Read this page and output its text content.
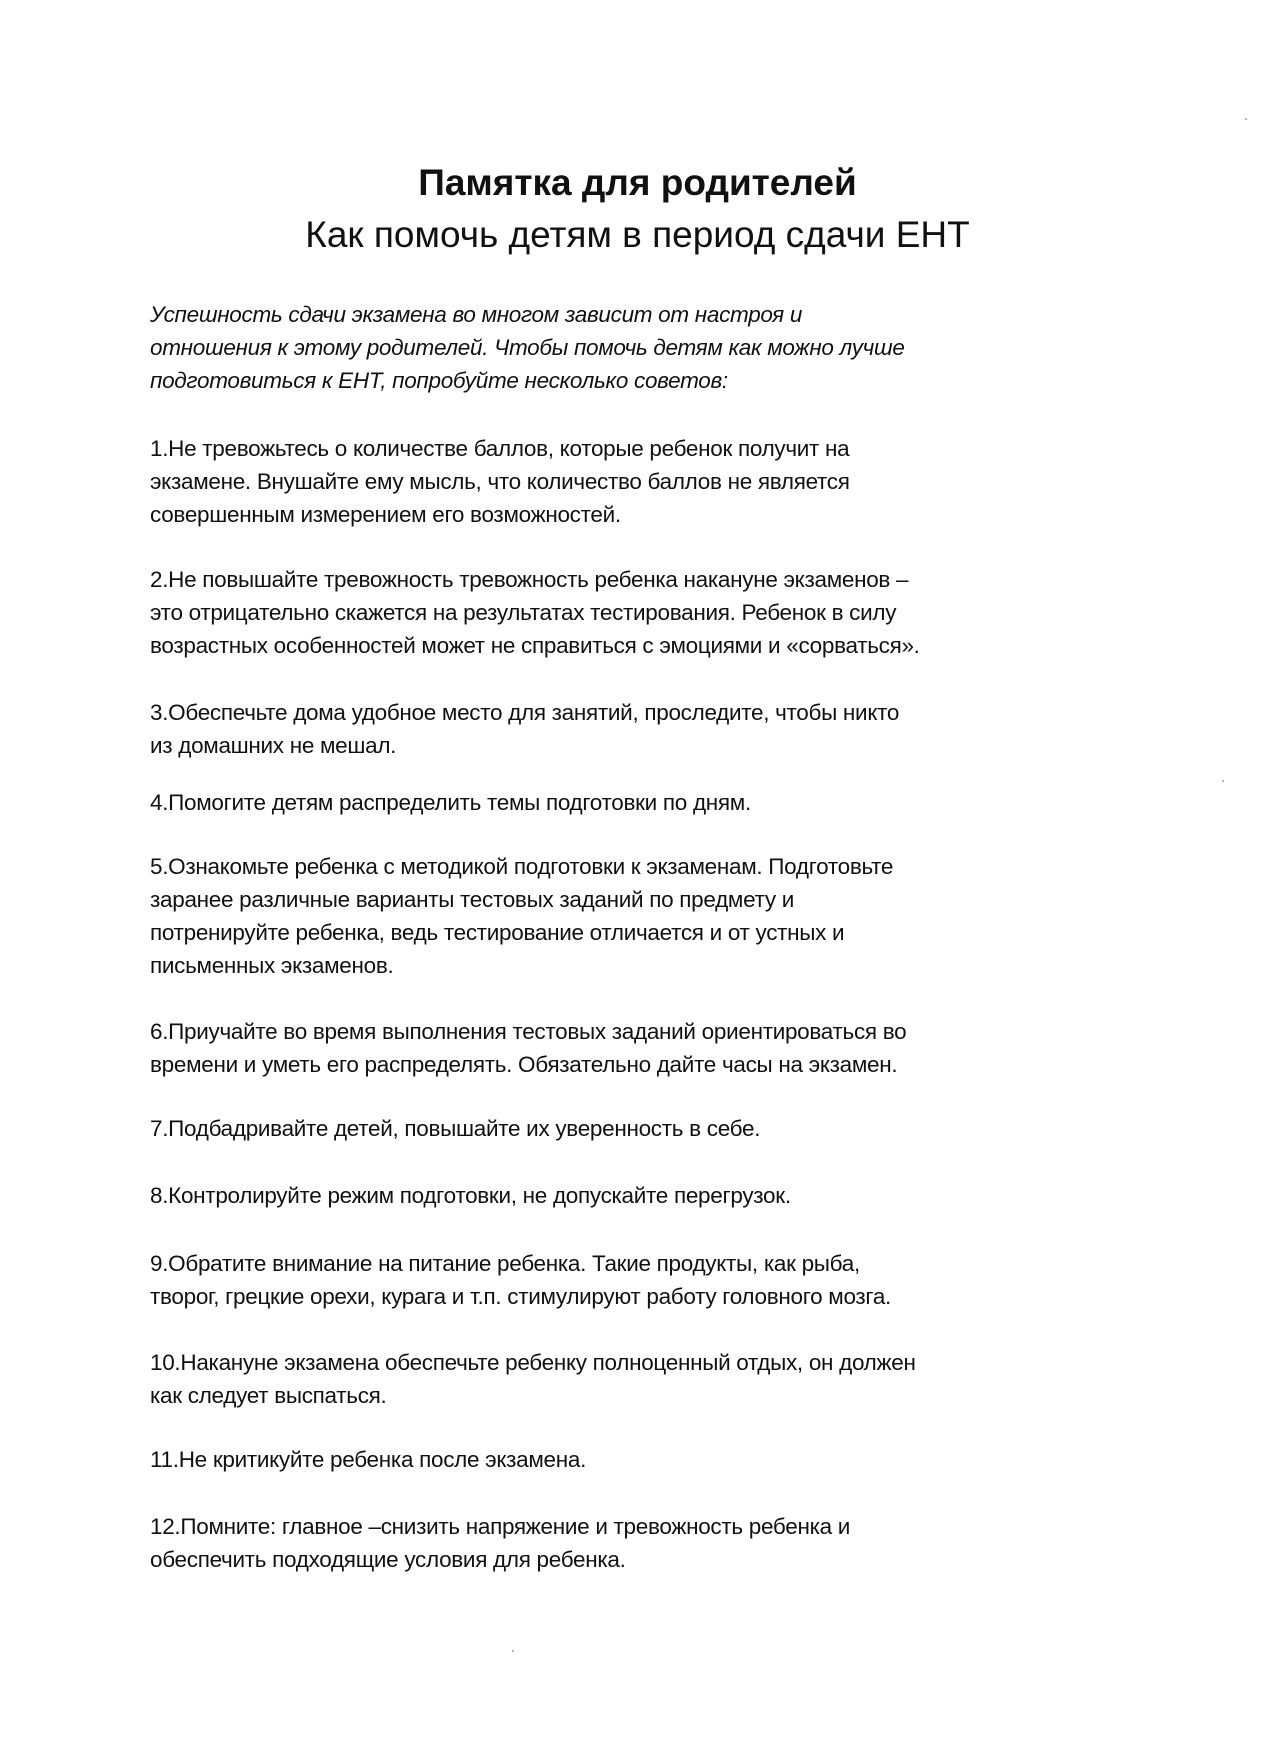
Памятка для родителей
Как помочь детям в период сдачи ЕНТ

Успешность сдачи экзамена во многом зависит от настроя и
отношения к этому родителей. Чтобы помочь детям как можно лучше
подготовиться к ЕНТ, попробуйте несколько советов:

1.Не тревожьтесь о количестве баллов, которые ребенок получит на
экзамене. Внушайте ему мысль, что количество баллов не является
совершенным измерением его возможностей.

2.Не повышайте тревожность тревожность ребенка накануне экзаменов –
это отрицательно скажется на результатах тестирования. Ребенок в силу
возрастных особенностей может не справиться с эмоциями и «сорваться».

3.Обеспечьте дома удобное место для занятий, проследите, чтобы никто
из домашних не мешал.

4.Помогите детям распределить темы подготовки по дням.

5.Ознакомьте ребенка с методикой подготовки к экзаменам. Подготовьте
заранее различные варианты тестовых заданий по предмету и
потренируйте ребенка, ведь тестирование отличается и от устных и
письменных экзаменов.

6.Приучайте во время выполнения тестовых заданий ориентироваться во
времени и уметь его распределять. Обязательно дайте часы на экзамен.

7.Подбадривайте детей, повышайте их уверенность в себе.

8.Контролируйте режим подготовки, не допускайте перегрузок.

9.Обратите внимание на питание ребенка. Такие продукты, как рыба,
творог, грецкие орехи, курага и т.п. стимулируют работу головного мозга.

10.Накануне экзамена обеспечьте ребенку полноценный отдых, он должен
как следует выспаться.

11.Не критикуйте ребенка после экзамена.

12.Помните: главное –снизить напряжение и тревожность ребенка и
обеспечить подходящие условия для ребенка.
